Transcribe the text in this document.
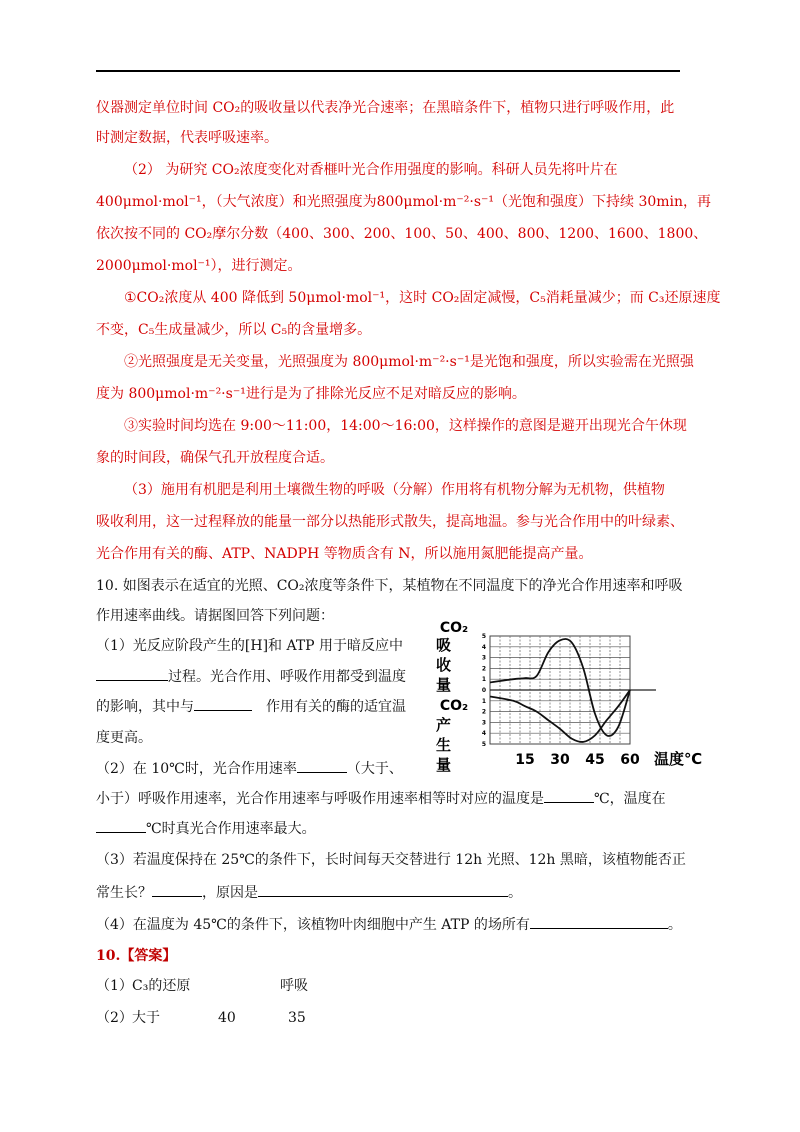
仪器测定单位时间 CO₂的吸收量以代表净光合速率；在黑暗条件下，植物只进行呼吸作用，此
时测定数据，代表呼吸速率。
（2） 为研究 CO₂浓度变化对香榧叶光合作用强度的影响。科研人员先将叶片在
400μmol·mol⁻¹，（大气浓度）和光照强度为800μmol·m⁻²·s⁻¹（光饱和强度）下持续 30min，再
依次按不同的 CO₂摩尔分数（400、300、200、100、50、400、800、1200、1600、1800、
2000μmol·mol⁻¹），进行测定。
①CO₂浓度从 400 降低到 50μmol·mol⁻¹，这时 CO₂固定减慢，C₅消耗量减少；而 C₃还原速度
不变，C₅生成量减少，所以 C₅的含量增多。
②光照强度是无关变量，光照强度为 800μmol·m⁻²·s⁻¹是光饱和强度，所以实验需在光照强
度为 800μmol·m⁻²·s⁻¹进行是为了排除光反应不足对暗反应的影响。
③实验时间均选在 9:00～11:00，14:00～16:00，这样操作的意图是避开出现光合午休现
象的时间段，确保气孔开放程度合适。
（3）施用有机肥是利用土壤微生物的呼吸（分解）作用将有机物分解为无机物，供植物
吸收利用，这一过程释放的能量一部分以热能形式散失，提高地温。参与光合作用中的叶绿素、
光合作用有关的酶、ATP、NADPH 等物质含有 N，所以施用氮肥能提高产量。
10. 如图表示在适宜的光照、CO₂浓度等条件下，某植物在不同温度下的净光合作用速率和呼吸
作用速率曲线。请据图回答下列问题：
（1）光反应阶段产生的[H]和 ATP 用于暗反应中
过程。光合作用、呼吸作用都受到温度
的影响，其中与	作用有关的酶的适宜温
度更高。
（2）在 10℃时，光合作用速率	（大于、
小于）呼吸作用速率，光合作用速率与呼吸作用速率相等时对应的温度是	℃，温度在
℃时真光合作用速率最大。
（3）若温度保持在 25℃的条件下，长时间每天交替进行 12h 光照、12h 黑暗，该植物能否正
常生长？	，原因是	。
（4）在温度为 45℃的条件下，该植物叶肉细胞中产生 ATP 的场所有	。
10.【答案】
（1） C₃的还原	呼吸
（2） 大于	40	35
CO₂
吸
收
量
CO₂
产
生
量
5
4
3
2
1
1
2
3
4
5
0
15 30 45 60 温度℃
